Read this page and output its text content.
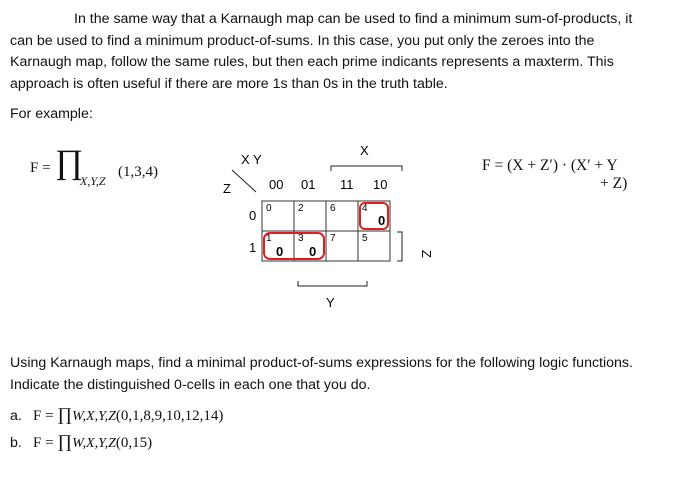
In the same way that a Karnaugh map can be used to find a minimum sum-of-products, it
can be used to find a minimum product-of-sums. In this case, you put only the zeroes into the
Karnaugh map, follow the same rules, but then each prime indicants represents a maxterm. This
approach is often useful if there are more 1s than 0s in the truth table.
For example:
F = ∏
X,Y,Z
(1,3,4)	F = (X + Z′) · (X′ + Y
+ Z)
X Y
Z
X
00 01 11 10
0
1
0	2	6	4
1	3	7	5
0
0 0
Y
Z
Using Karnaugh maps, find a minimal product-of-sums expressions for the following logic functions.
Indicate the distinguished 0-cells in each one that you do.
a. F = ∏W,X,Y,Z(0,1,8,9,10,12,14)
b. F = ∏W,X,Y,Z(0,15)
